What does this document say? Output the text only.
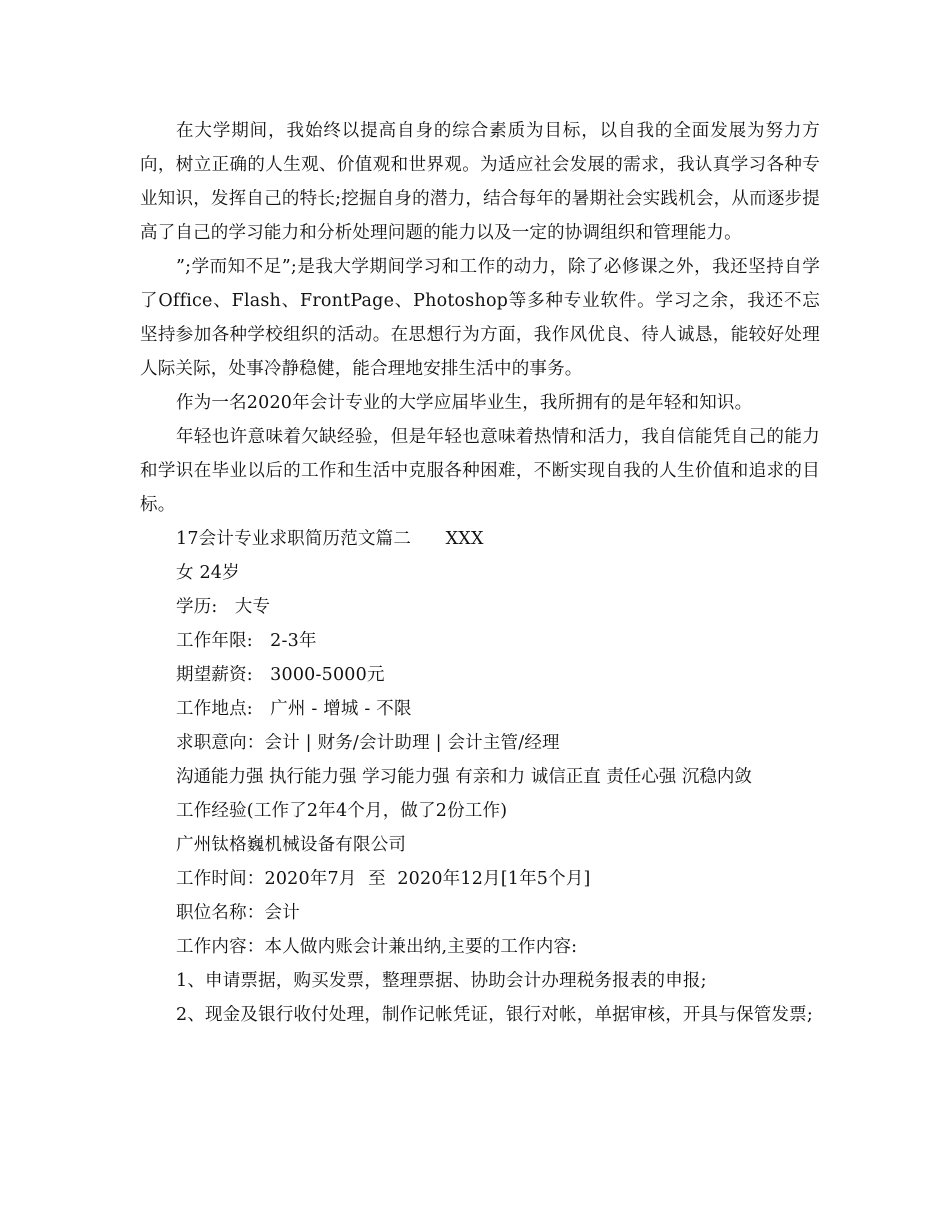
在大学期间，我始终以提高自身的综合素质为目标，以自我的全面发展为努力方向，树立正确的人生观、价值观和世界观。为适应社会发展的需求，我认真学习各种专业知识，发挥自己的特长;挖掘自身的潜力，结合每年的暑期社会实践机会，从而逐步提高了自己的学习能力和分析处理问题的能力以及一定的协调组织和管理能力。

”;学而知不足”;是我大学期间学习和工作的动力，除了必修课之外，我还坚持自学了Office、Flash、FrontPage、Photoshop等多种专业软件。学习之余，我还不忘坚持参加各种学校组织的活动。在思想行为方面，我作风优良、待人诚恳，能较好处理人际关际，处事冷静稳健，能合理地安排生活中的事务。

作为一名2020年会计专业的大学应届毕业生，我所拥有的是年轻和知识。

年轻也许意味着欠缺经验，但是年轻也意味着热情和活力，我自信能凭自己的能力和学识在毕业以后的工作和生活中克服各种困难，不断实现自我的人生价值和追求的目标。

17会计专业求职简历范文篇二      XXX

女 24岁

学历:   大专

工作年限:   2-3年

期望薪资:   3000-5000元

工作地点:   广州 - 增城 - 不限

求职意向：会计 | 财务/会计助理 | 会计主管/经理

沟通能力强 执行能力强 学习能力强 有亲和力 诚信正直 责任心强 沉稳内敛

工作经验(工作了2年4个月，做了2份工作)

广州钛格巍机械设备有限公司

工作时间：2020年7月  至  2020年12月[1年5个月]

职位名称：会计

工作内容：本人做内账会计兼出纳,主要的工作内容:

1、申请票据，购买发票，整理票据、协助会计办理税务报表的申报;

2、现金及银行收付处理，制作记帐凭证，银行对帐，单据审核，开具与保管发票;
